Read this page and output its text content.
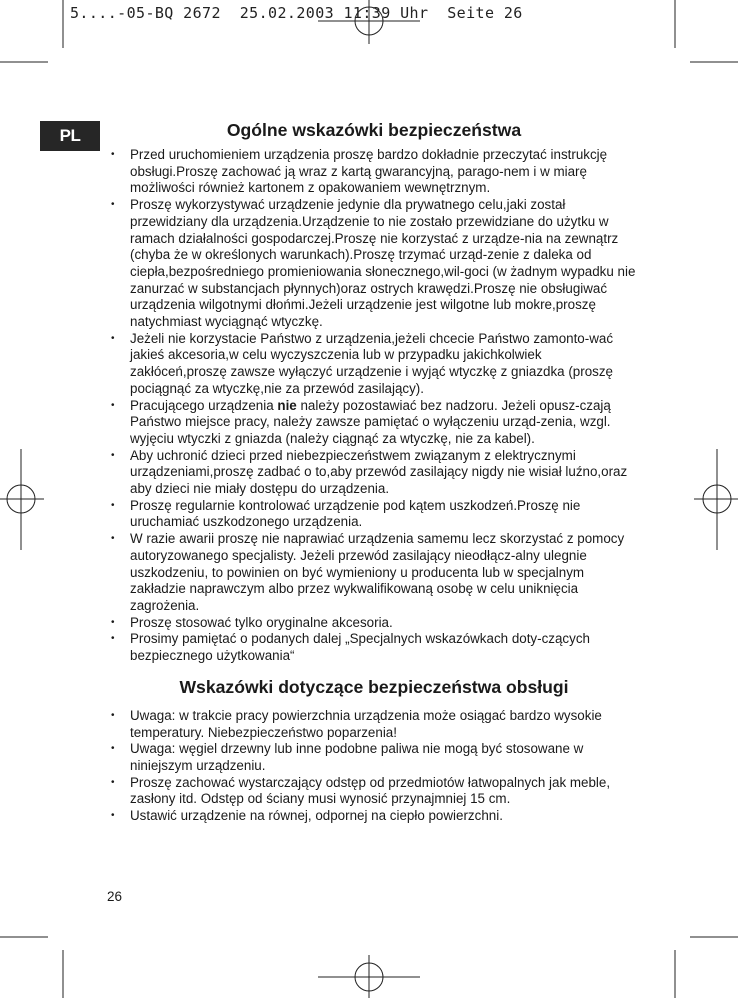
5....-05-BQ 2672  25.02.2003 11:39 Uhr  Seite 26
PL	Ogólne wskazówki bezpieczeństwa
• Przed uruchomieniem urządzenia proszę bardzo dokładnie przeczytać instrukcję obsługi.Proszę zachować ją wraz z kartą gwarancyjną, parago-nem i w miarę możliwości również kartonem z opakowaniem wewnętrznym.
• Proszę wykorzystywać urządzenie jedynie dla prywatnego celu,jaki został przewidziany dla urządzenia.Urządzenie to nie zostało przewidziane do użytku w ramach działalności gospodarczej.Proszę nie korzystać z urządze-nia na zewnątrz (chyba że w określonych warunkach).Proszę trzymać urząd-zenie z daleka od ciepła,bezpośredniego promieniowania słonecznego,wil-goci (w żadnym wypadku nie zanurzać w substancjach płynnych)oraz ostrych krawędzi.Proszę nie obsługiwać urządzenia wilgotnymi dłońmi.Jeżeli urządzenie jest wilgotne lub mokre,proszę natychmiast wyciągnąć wtyczkę.
• Jeżeli nie korzystacie Państwo z urządzenia,jeżeli chcecie Państwo zamonto-wać jakieś akcesoria,w celu wyczyszczenia lub w przypadku jakichkolwiek zakłóceń,proszę zawsze wyłączyć urządzenie i wyjąć wtyczkę z gniazdka (proszę pociągnąć za wtyczkę,nie za przewód zasilający).
• Pracującego urządzenia nie należy pozostawiać bez nadzoru. Jeżeli opusz-czają Państwo miejsce pracy, należy zawsze pamiętać o wyłączeniu urząd-zenia, wzgl. wyjęciu wtyczki z gniazda (należy ciągnąć za wtyczkę, nie za kabel).
• Aby uchronić dzieci przed niebezpieczeństwem związanym z elektrycznymi urządzeniami,proszę zadbać o to,aby przewód zasilający nigdy nie wisiał luźno,oraz aby dzieci nie miały dostępu do urządzenia.
• Proszę regularnie kontrolować urządzenie pod kątem uszkodzeń.Proszę nie uruchamiać uszkodzonego urządzenia.
• W razie awarii proszę nie naprawiać urządzenia samemu lecz skorzystać z pomocy autoryzowanego specjalisty. Jeżeli przewód zasilający nieodłącz-alny ulegnie uszkodzeniu, to powinien on być wymieniony u producenta lub w specjalnym zakładzie naprawczym albo przez wykwalifikowaną osobę w celu uniknięcia zagrożenia.
• Proszę stosować tylko oryginalne akcesoria.
• Prosimy pamiętać o podanych dalej „Specjalnych wskazówkach doty-czących bezpiecznego użytkowania“
Wskazówki dotyczące bezpieczeństwa obsługi
• Uwaga: w trakcie pracy powierzchnia urządzenia może osiągać bardzo wysokie temperatury. Niebezpieczeństwo poparzenia!
• Uwaga: węgiel drzewny lub inne podobne paliwa nie mogą być stosowane w niniejszym urządzeniu.
• Proszę zachować wystarczający odstęp od przedmiotów łatwopalnych jak meble, zasłony itd. Odstęp od ściany musi wynosić przynajmniej 15 cm.
• Ustawić urządzenie na równej, odpornej na ciepło powierzchni.
26
